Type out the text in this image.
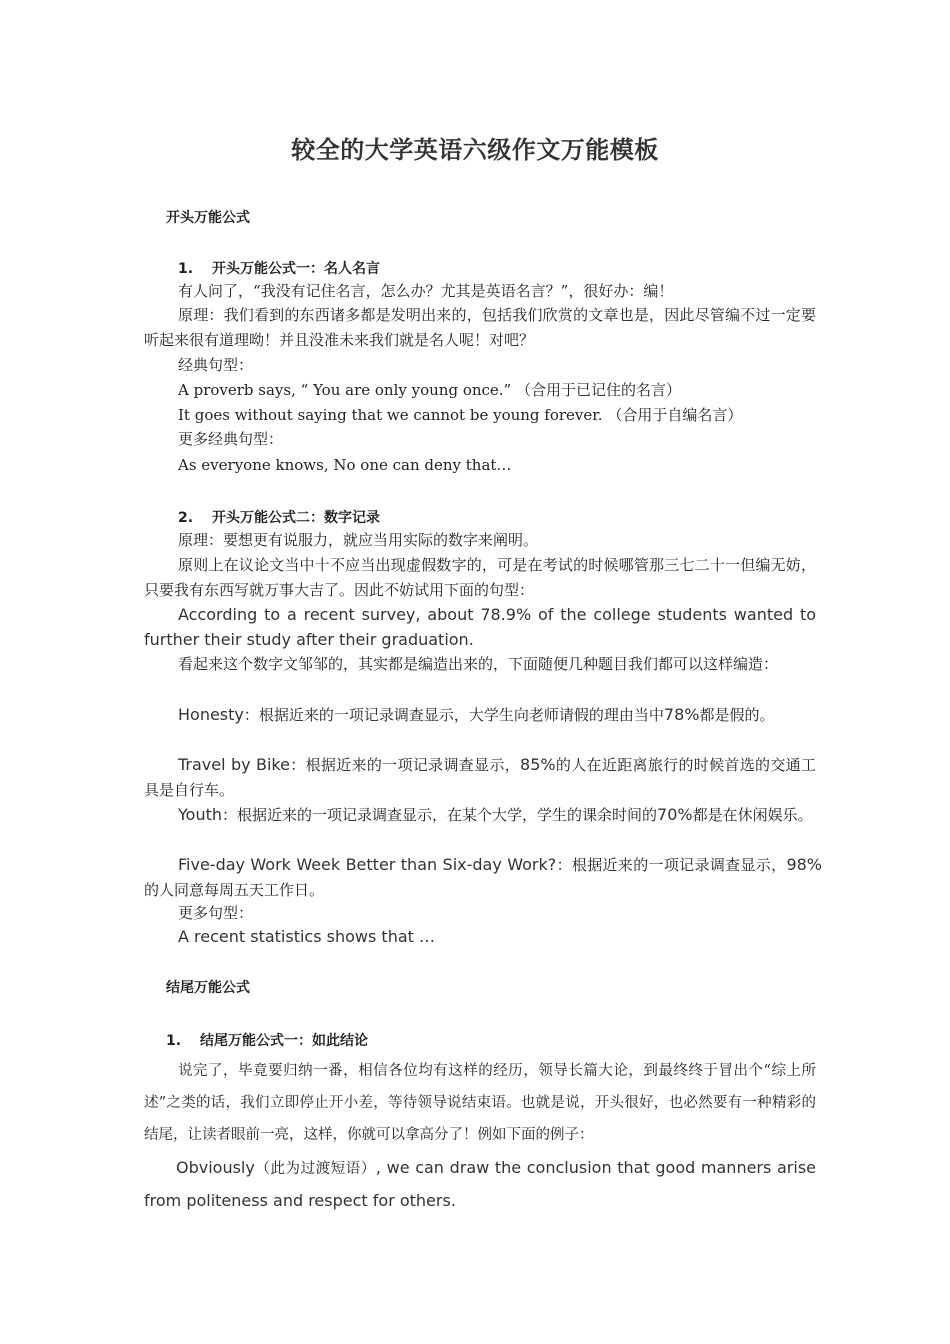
较全的大学英语六级作文万能模板
开头万能公式
1. 开头万能公式一：名人名言
有人问了，“我没有记住名言，怎么办？尤其是英语名言？”，很好办：编！
原理：我们看到的东西诸多都是发明出来的，包括我们欣赏的文章也是，因此尽管编不过一定要听起来很有道理呦！并且没准未来我们就是名人呢！对吧？
经典句型：
A proverb says, “ You are only young once.” （合用于已记住的名言）
It goes without saying that we cannot be young forever. （合用于自编名言）
更多经典句型：
As everyone knows, No one can deny that…
2. 开头万能公式二：数字记录
原理：要想更有说服力，就应当用实际的数字来阐明。
原则上在议论文当中十不应当出现虚假数字的，可是在考试的时候哪管那三七二十一但编无妨，只要我有东西写就万事大吉了。因此不妨试用下面的句型：
According to a recent survey, about 78.9% of the college students wanted to further their study after their graduation.
看起来这个数字文邹邹的，其实都是编造出来的，下面随便几种题目我们都可以这样编造：
Honesty：根据近来的一项记录调查显示，大学生向老师请假的理由当中78%都是假的。
Travel by Bike：根据近来的一项记录调查显示，85%的人在近距离旅行的时候首选的交通工具是自行车。
Youth：根据近来的一项记录调查显示，在某个大学，学生的课余时间的70%都是在休闲娱乐。
Five-day Work Week Better than Six-day Work?：根据近来的一项记录调查显示，98%的人同意每周五天工作日。
更多句型：
A recent statistics shows that …
结尾万能公式
1. 结尾万能公式一：如此结论
说完了，毕竟要归纳一番，相信各位均有这样的经历，领导长篇大论，到最终终于冒出个“综上所述”之类的话，我们立即停止开小差，等待领导说结束语。也就是说，开头很好，也必然要有一种精彩的结尾，让读者眼前一亮，这样，你就可以拿高分了！例如下面的例子：
Obviously（此为过渡短语）, we can draw the conclusion that good manners arise from politeness and respect for others.
